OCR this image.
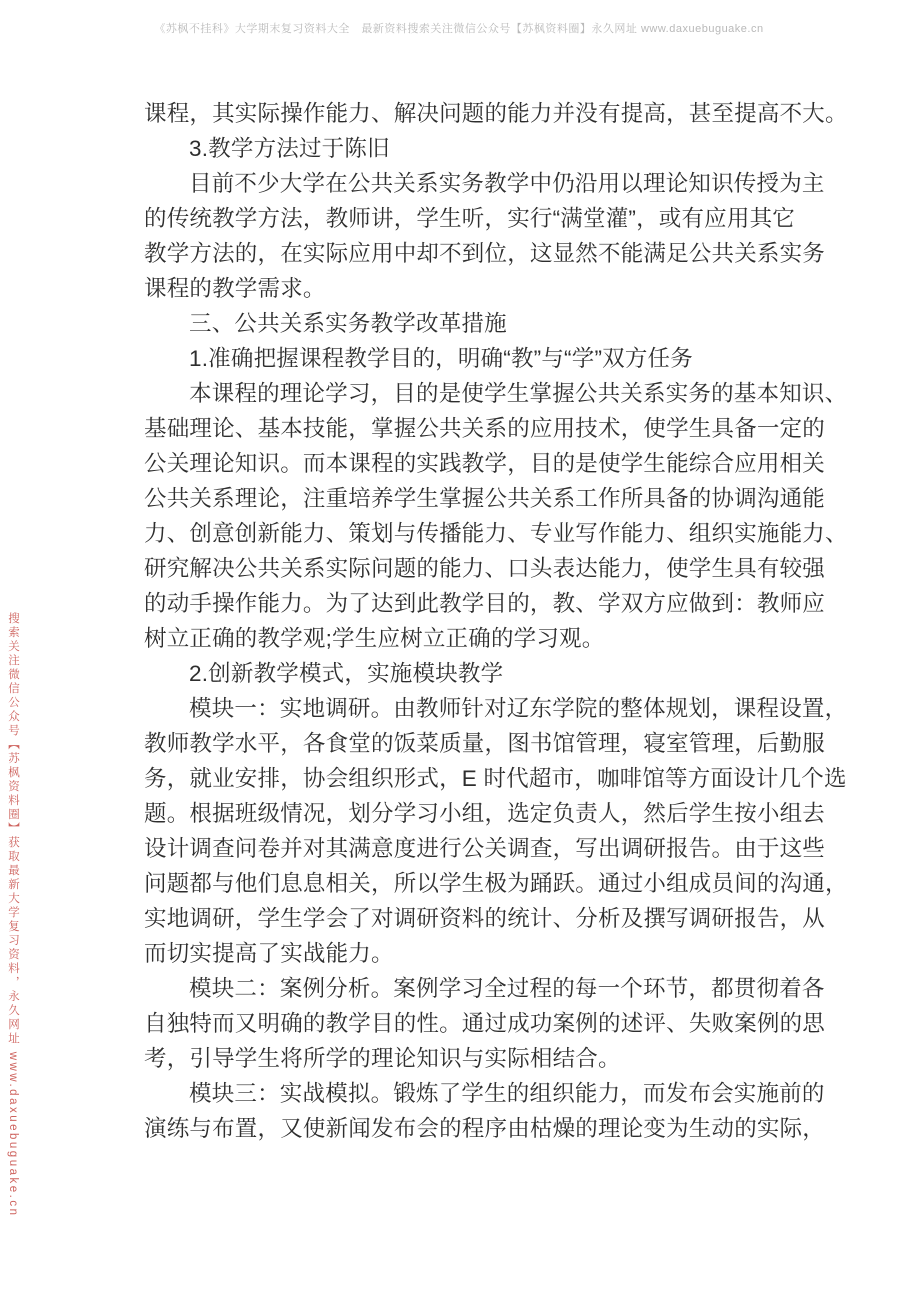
《苏枫不挂科》大学期末复习资料大全　最新资料搜索关注微信公众号【苏枫资料圈】永久网址 www.daxuebuguake.cn
搜索关注微信公众号【苏枫资料圈】获取最新大学复习资料，永久网址 www.daxuebuguake.cn
课程，其实际操作能力、解决问题的能力并没有提高，甚至提高不大。
3.教学方法过于陈旧
目前不少大学在公共关系实务教学中仍沿用以理论知识传授为主
的传统教学方法，教师讲，学生听，实行“满堂灌”，或有应用其它
教学方法的，在实际应用中却不到位，这显然不能满足公共关系实务
课程的教学需求。
三、公共关系实务教学改革措施
1.准确把握课程教学目的，明确“教”与“学”双方任务
本课程的理论学习，目的是使学生掌握公共关系实务的基本知识、
基础理论、基本技能，掌握公共关系的应用技术，使学生具备一定的
公关理论知识。而本课程的实践教学，目的是使学生能综合应用相关
公共关系理论，注重培养学生掌握公共关系工作所具备的协调沟通能
力、创意创新能力、策划与传播能力、专业写作能力、组织实施能力、
研究解决公共关系实际问题的能力、口头表达能力，使学生具有较强
的动手操作能力。为了达到此教学目的，教、学双方应做到：教师应
树立正确的教学观;学生应树立正确的学习观。
2.创新教学模式，实施模块教学
模块一：实地调研。由教师针对辽东学院的整体规划，课程设置，
教师教学水平，各食堂的饭菜质量，图书馆管理，寝室管理，后勤服
务，就业安排，协会组织形式，E 时代超市，咖啡馆等方面设计几个选
题。根据班级情况，划分学习小组，选定负责人，然后学生按小组去
设计调查问卷并对其满意度进行公关调查，写出调研报告。由于这些
问题都与他们息息相关，所以学生极为踊跃。通过小组成员间的沟通，
实地调研，学生学会了对调研资料的统计、分析及撰写调研报告，从
而切实提高了实战能力。
模块二：案例分析。案例学习全过程的每一个环节，都贯彻着各
自独特而又明确的教学目的性。通过成功案例的述评、失败案例的思
考，引导学生将所学的理论知识与实际相结合。
模块三：实战模拟。锻炼了学生的组织能力，而发布会实施前的
演练与布置，又使新闻发布会的程序由枯燥的理论变为生动的实际，
